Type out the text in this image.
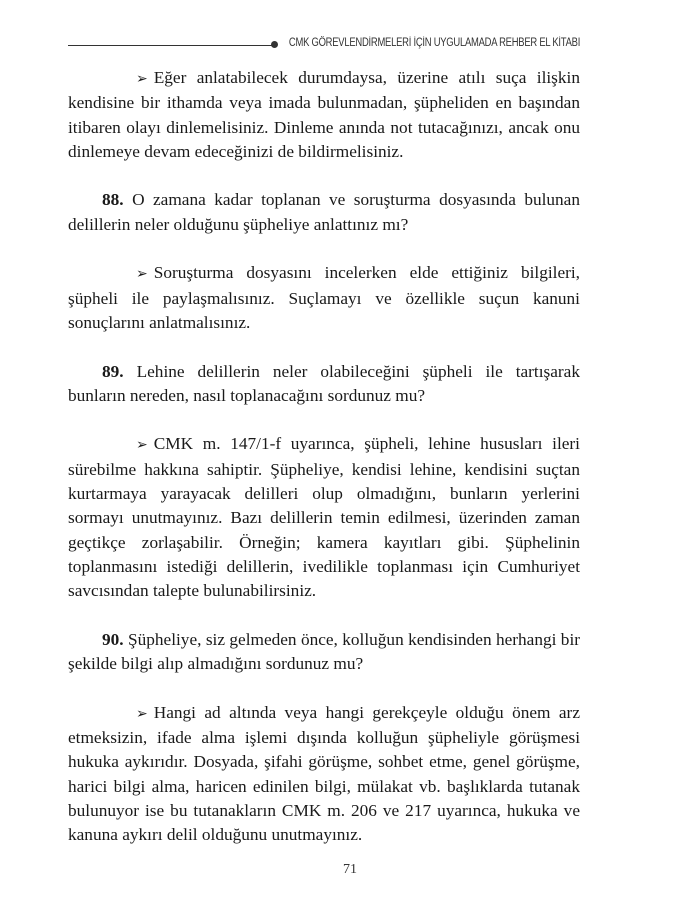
CMK GÖREVLENDİRMELERİ İÇİN UYGULAMADA REHBER EL KİTABI

➢ Eğer anlatabilecek durumdaysa, üzerine atılı suça ilişkin kendisine bir ithamda veya imada bulunmadan, şüpheliden en başından itibaren olayı dinlemelisiniz. Dinleme anında not tutacağınızı, ancak onu dinlemeye devam edeceğinizi de bildirmelisiniz.

88. O zamana kadar toplanan ve soruşturma dosyasında bulunan delillerin neler olduğunu şüpheliye anlattınız mı?

➢ Soruşturma dosyasını incelerken elde ettiğiniz bilgileri, şüpheli ile paylaşmalısınız. Suçlamayı ve özellikle suçun kanuni sonuçlarını anlatmalısınız.

89. Lehine delillerin neler olabileceğini şüpheli ile tartışarak bunların nereden, nasıl toplanacağını sordunuz mu?

➢ CMK m. 147/1-f uyarınca, şüpheli, lehine hususları ileri sürebilme hakkına sahiptir. Şüpheliye, kendisi lehine, kendisini suçtan kurtarmaya yarayacak delilleri olup olmadığını, bunların yerlerini sormayı unutmayınız. Bazı delillerin temin edilmesi, üzerinden zaman geçtikçe zorlaşabilir. Örneğin; kamera kayıtları gibi. Şüphelinin toplanmasını istediği delillerin, ivedilikle toplanması için Cumhuriyet savcısından talepte bulunabilirsiniz.

90. Şüpheliye, siz gelmeden önce, kolluğun kendisinden herhangi bir şekilde bilgi alıp almadığını sordunuz mu?

➢ Hangi ad altında veya hangi gerekçeyle olduğu önem arz etmeksizin, ifade alma işlemi dışında kolluğun şüpheliyle görüşmesi hukuka aykırıdır. Dosyada, şifahi görüşme, sohbet etme, genel görüşme, harici bilgi alma, haricen edinilen bilgi, mülakat vb. başlıklarda tutanak bulunuyor ise bu tutanakların CMK m. 206 ve 217 uyarınca, hukuka ve kanuna aykırı delil olduğunu unutmayınız.

71
